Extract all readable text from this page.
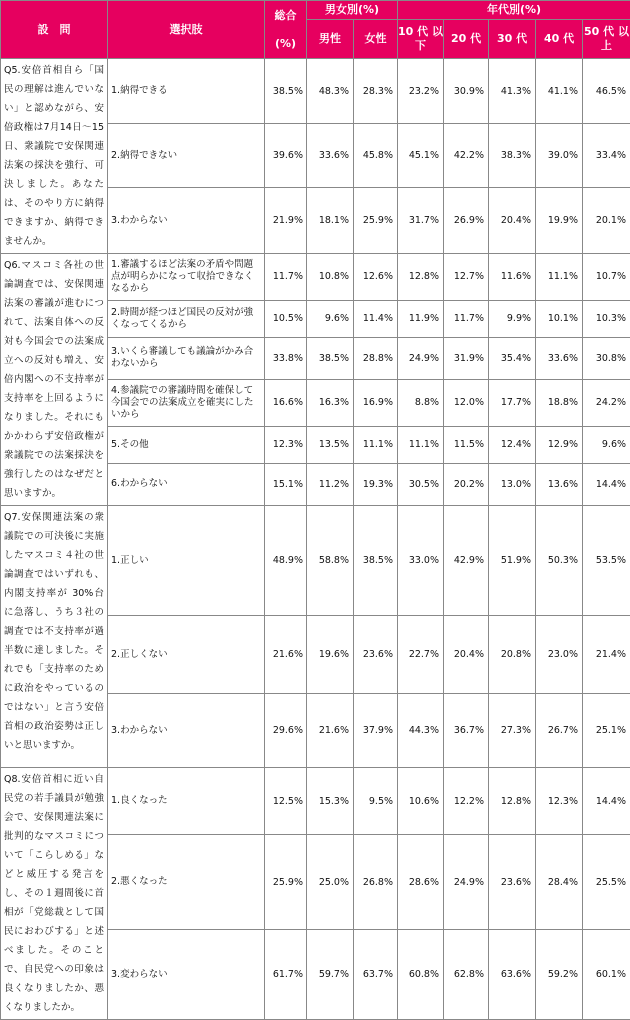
設　問	選択肢	総合

(%)	男女別(%)		年代別(%)				
			男性	女性	10 代 以下	20 代	30 代	40 代	50 代 以上
Q5.安倍首相自ら「国民の理解は進んでいない」と認めながら、安倍政権は7月14日～15日、衆議院で安保関連法案の採決を強行、可決しました。あなたは、そのやり方に納得できますか、納得できませんか。	1.納得できる	38.5%	48.3%	28.3%	23.2%	30.9%	41.3%	41.1%	46.5%
	2.納得できない	39.6%	33.6%	45.8%	45.1%	42.2%	38.3%	39.0%	33.4%
	3.わからない	21.9%	18.1%	25.9%	31.7%	26.9%	20.4%	19.9%	20.1%
Q6.マスコミ各社の世論調査では、安保関連法案の審議が進むにつれて、法案自体への反対も今国会での法案成立への反対も増え、安倍内閣への不支持率が支持率を上回るようになりました。それにもかかわらず安倍政権が衆議院での法案採決を強行したのはなぜだと思いますか。	1.審議するほど法案の矛盾や問題点が明らかになって収拾できなくなるから	11.7%	10.8%	12.6%	12.8%	12.7%	11.6%	11.1%	10.7%
	2.時間が経つほど国民の反対が強くなってくるから	10.5%	9.6%	11.4%	11.9%	11.7%	9.9%	10.1%	10.3%
	3.いくら審議しても議論がかみ合わないから	33.8%	38.5%	28.8%	24.9%	31.9%	35.4%	33.6%	30.8%
	4.参議院での審議時間を確保して今国会での法案成立を確実にしたいから	16.6%	16.3%	16.9%	8.8%	12.0%	17.7%	18.8%	24.2%
	5.その他	12.3%	13.5%	11.1%	11.1%	11.5%	12.4%	12.9%	9.6%
	6.わからない	15.1%	11.2%	19.3%	30.5%	20.2%	13.0%	13.6%	14.4%
Q7.安保関連法案の衆議院での可決後に実施したマスコミ４社の世論調査ではいずれも、内閣支持率が 30%台に急落し、うち３社の調査では不支持率が過半数に達しました。それでも「支持率のために政治をやっているのではない」と言う安倍首相の政治姿勢は正しいと思いますか。	1.正しい	48.9%	58.8%	38.5%	33.0%	42.9%	51.9%	50.3%	53.5%
	2.正しくない	21.6%	19.6%	23.6%	22.7%	20.4%	20.8%	23.0%	21.4%
	3.わからない	29.6%	21.6%	37.9%	44.3%	36.7%	27.3%	26.7%	25.1%
Q8.安倍首相に近い自民党の若手議員が勉強会で、安保関連法案に批判的なマスコミについて「こらしめる」などと威圧する発言をし、その１週間後に首相が「党総裁として国民におわびする」と述べました。そのことで、自民党への印象は良くなりましたか、悪くなりましたか。	1.良くなった	12.5%	15.3%	9.5%	10.6%	12.2%	12.8%	12.3%	14.4%
	2.悪くなった	25.9%	25.0%	26.8%	28.6%	24.9%	23.6%	28.4%	25.5%
	3.変わらない	61.7%	59.7%	63.7%	60.8%	62.8%	63.6%	59.2%	60.1%
